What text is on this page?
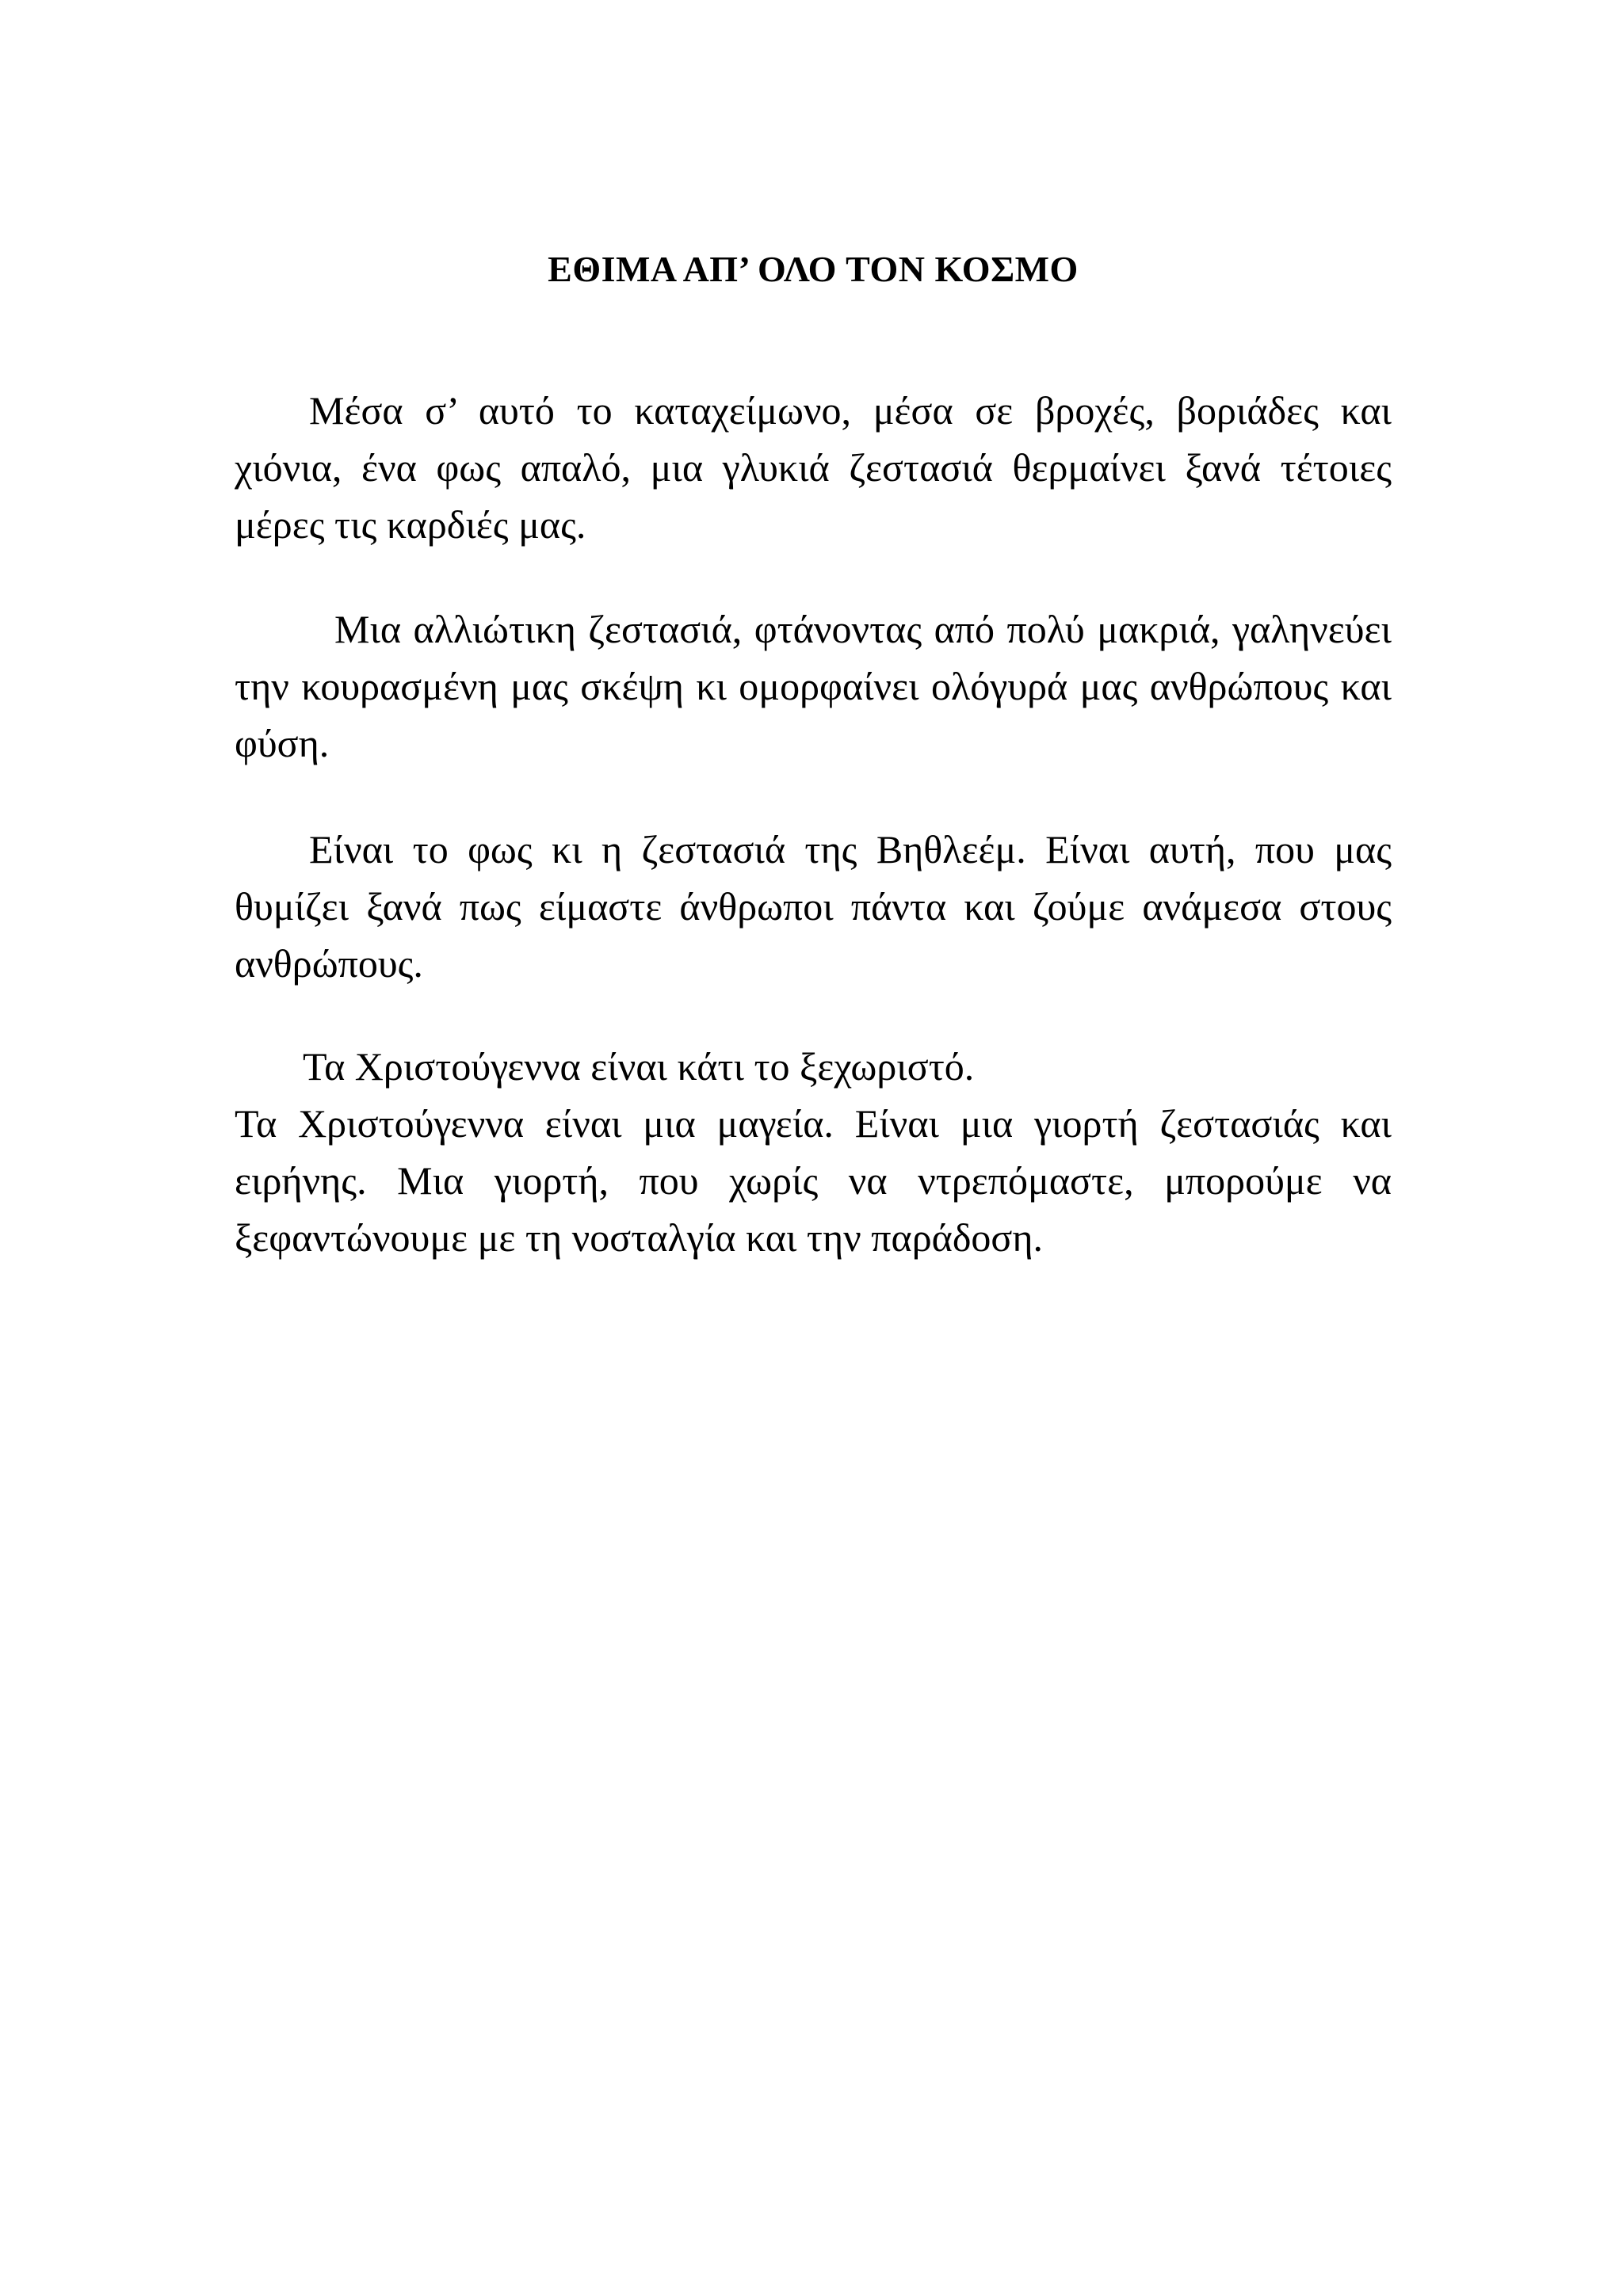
ΕΘΙΜΑ ΑΠ’ ΟΛΟ ΤΟΝ ΚΟΣΜΟ

Μέσα σ’ αυτό το καταχείμωνο, μέσα σε βροχές, βοριάδες και χιόνια, ένα φως απαλό, μια γλυκιά ζεστασιά θερμαίνει ξανά τέτοιες μέρες τις καρδιές μας.

Μια αλλιώτικη ζεστασιά, φτάνοντας από πολύ μακριά, γαληνεύει την κουρασμένη μας σκέψη κι ομορφαίνει ολόγυρά μας ανθρώπους και φύση.

Είναι το φως κι η ζεστασιά της Βηθλεέμ. Είναι αυτή, που μας θυμίζει ξανά πως είμαστε άνθρωποι πάντα και ζούμε ανάμεσα στους ανθρώπους.

Τα Χριστούγεννα είναι κάτι το ξεχωριστό.

Τα Χριστούγεννα είναι μια μαγεία. Είναι μια γιορτή ζεστασιάς και ειρήνης. Μια γιορτή, που χωρίς να ντρεπόμαστε, μπορούμε να ξεφαντώνουμε με τη νοσταλγία και την παράδοση.
